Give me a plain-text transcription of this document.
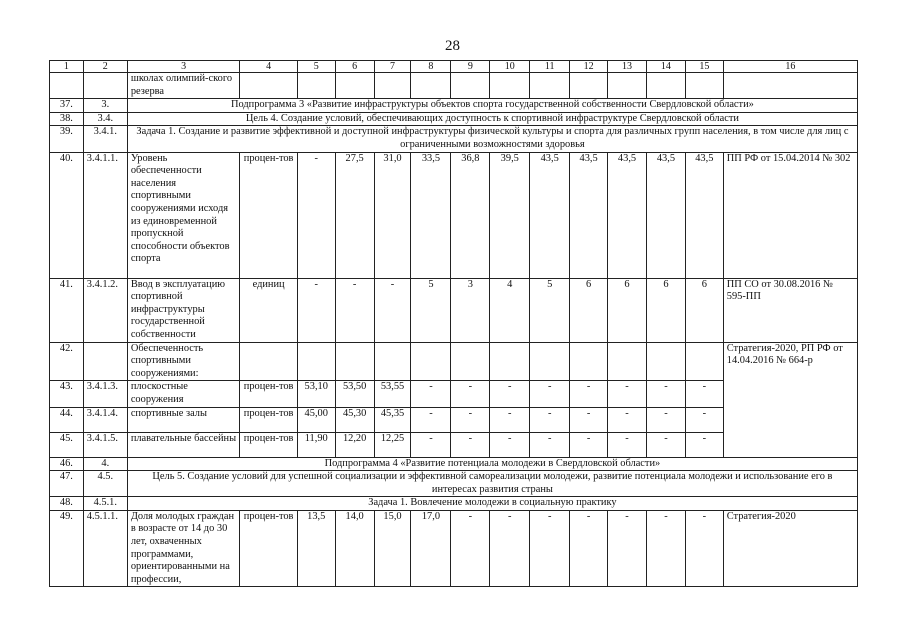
28
1	2	3	4	5	6	7	8	9	10	11	12	13	14	15	16
		школах олимпий-ского резерва													
37.	3.	Подпрограмма 3 «Развитие инфраструктуры объектов спорта государственной собственности Свердловской области»													
38.	3.4.	Цель 4. Создание условий, обеспечивающих доступность к спортивной инфраструктуре Свердловской области													
39.	3.4.1.	Задача 1. Создание и развитие эффективной и доступной инфраструктуры физической культуры и спорта для различных групп населения, в том числе для лиц с ограниченными возможностями здоровья													
40.	3.4.1.1.	Уровень обеспеченности населения спортивными сооружениями исходя из единовременной пропускной способности объектов спорта	процен-тов	-	27,5	31,0	33,5	36,8	39,5	43,5	43,5	43,5	43,5	43,5	ПП РФ от 15.04.2014 № 302
41.	3.4.1.2.	Ввод в эксплуатацию спортивной инфраструктуры государственной собственности	единиц	-	-	-	5	3	4	5	6	6	6	6	ПП СО от 30.08.2016 № 595-ПП
42.		Обеспеченность спортивными сооружениями:													Стратегия-2020, РП РФ от 14.04.2016 № 664-р
43.	3.4.1.3.	плоскостные сооружения	процен-тов	53,10	53,50	53,55	-	-	-	-	-	-	-	-	
44.	3.4.1.4.	спортивные залы	процен-тов	45,00	45,30	45,35	-	-	-	-	-	-	-	-	
45.	3.4.1.5.	плавательные бассейны	процен-тов	11,90	12,20	12,25	-	-	-	-	-	-	-	-	
46.	4.	Подпрограмма 4 «Развитие потенциала молодежи в Свердловской области»													
47.	4.5.	Цель 5. Создание условий для успешной социализации и эффективной самореализации молодежи, развитие потенциала молодежи и использование его в интересах развития страны													
48.	4.5.1.	Задача 1. Вовлечение молодежи в социальную практику													
49.	4.5.1.1.	Доля молодых граждан в возрасте от 14 до 30 лет, охваченных программами, ориентированными на профессии,	процен-тов	13,5	14,0	15,0	17,0	-	-	-	-	-	-	-	Стратегия-2020
